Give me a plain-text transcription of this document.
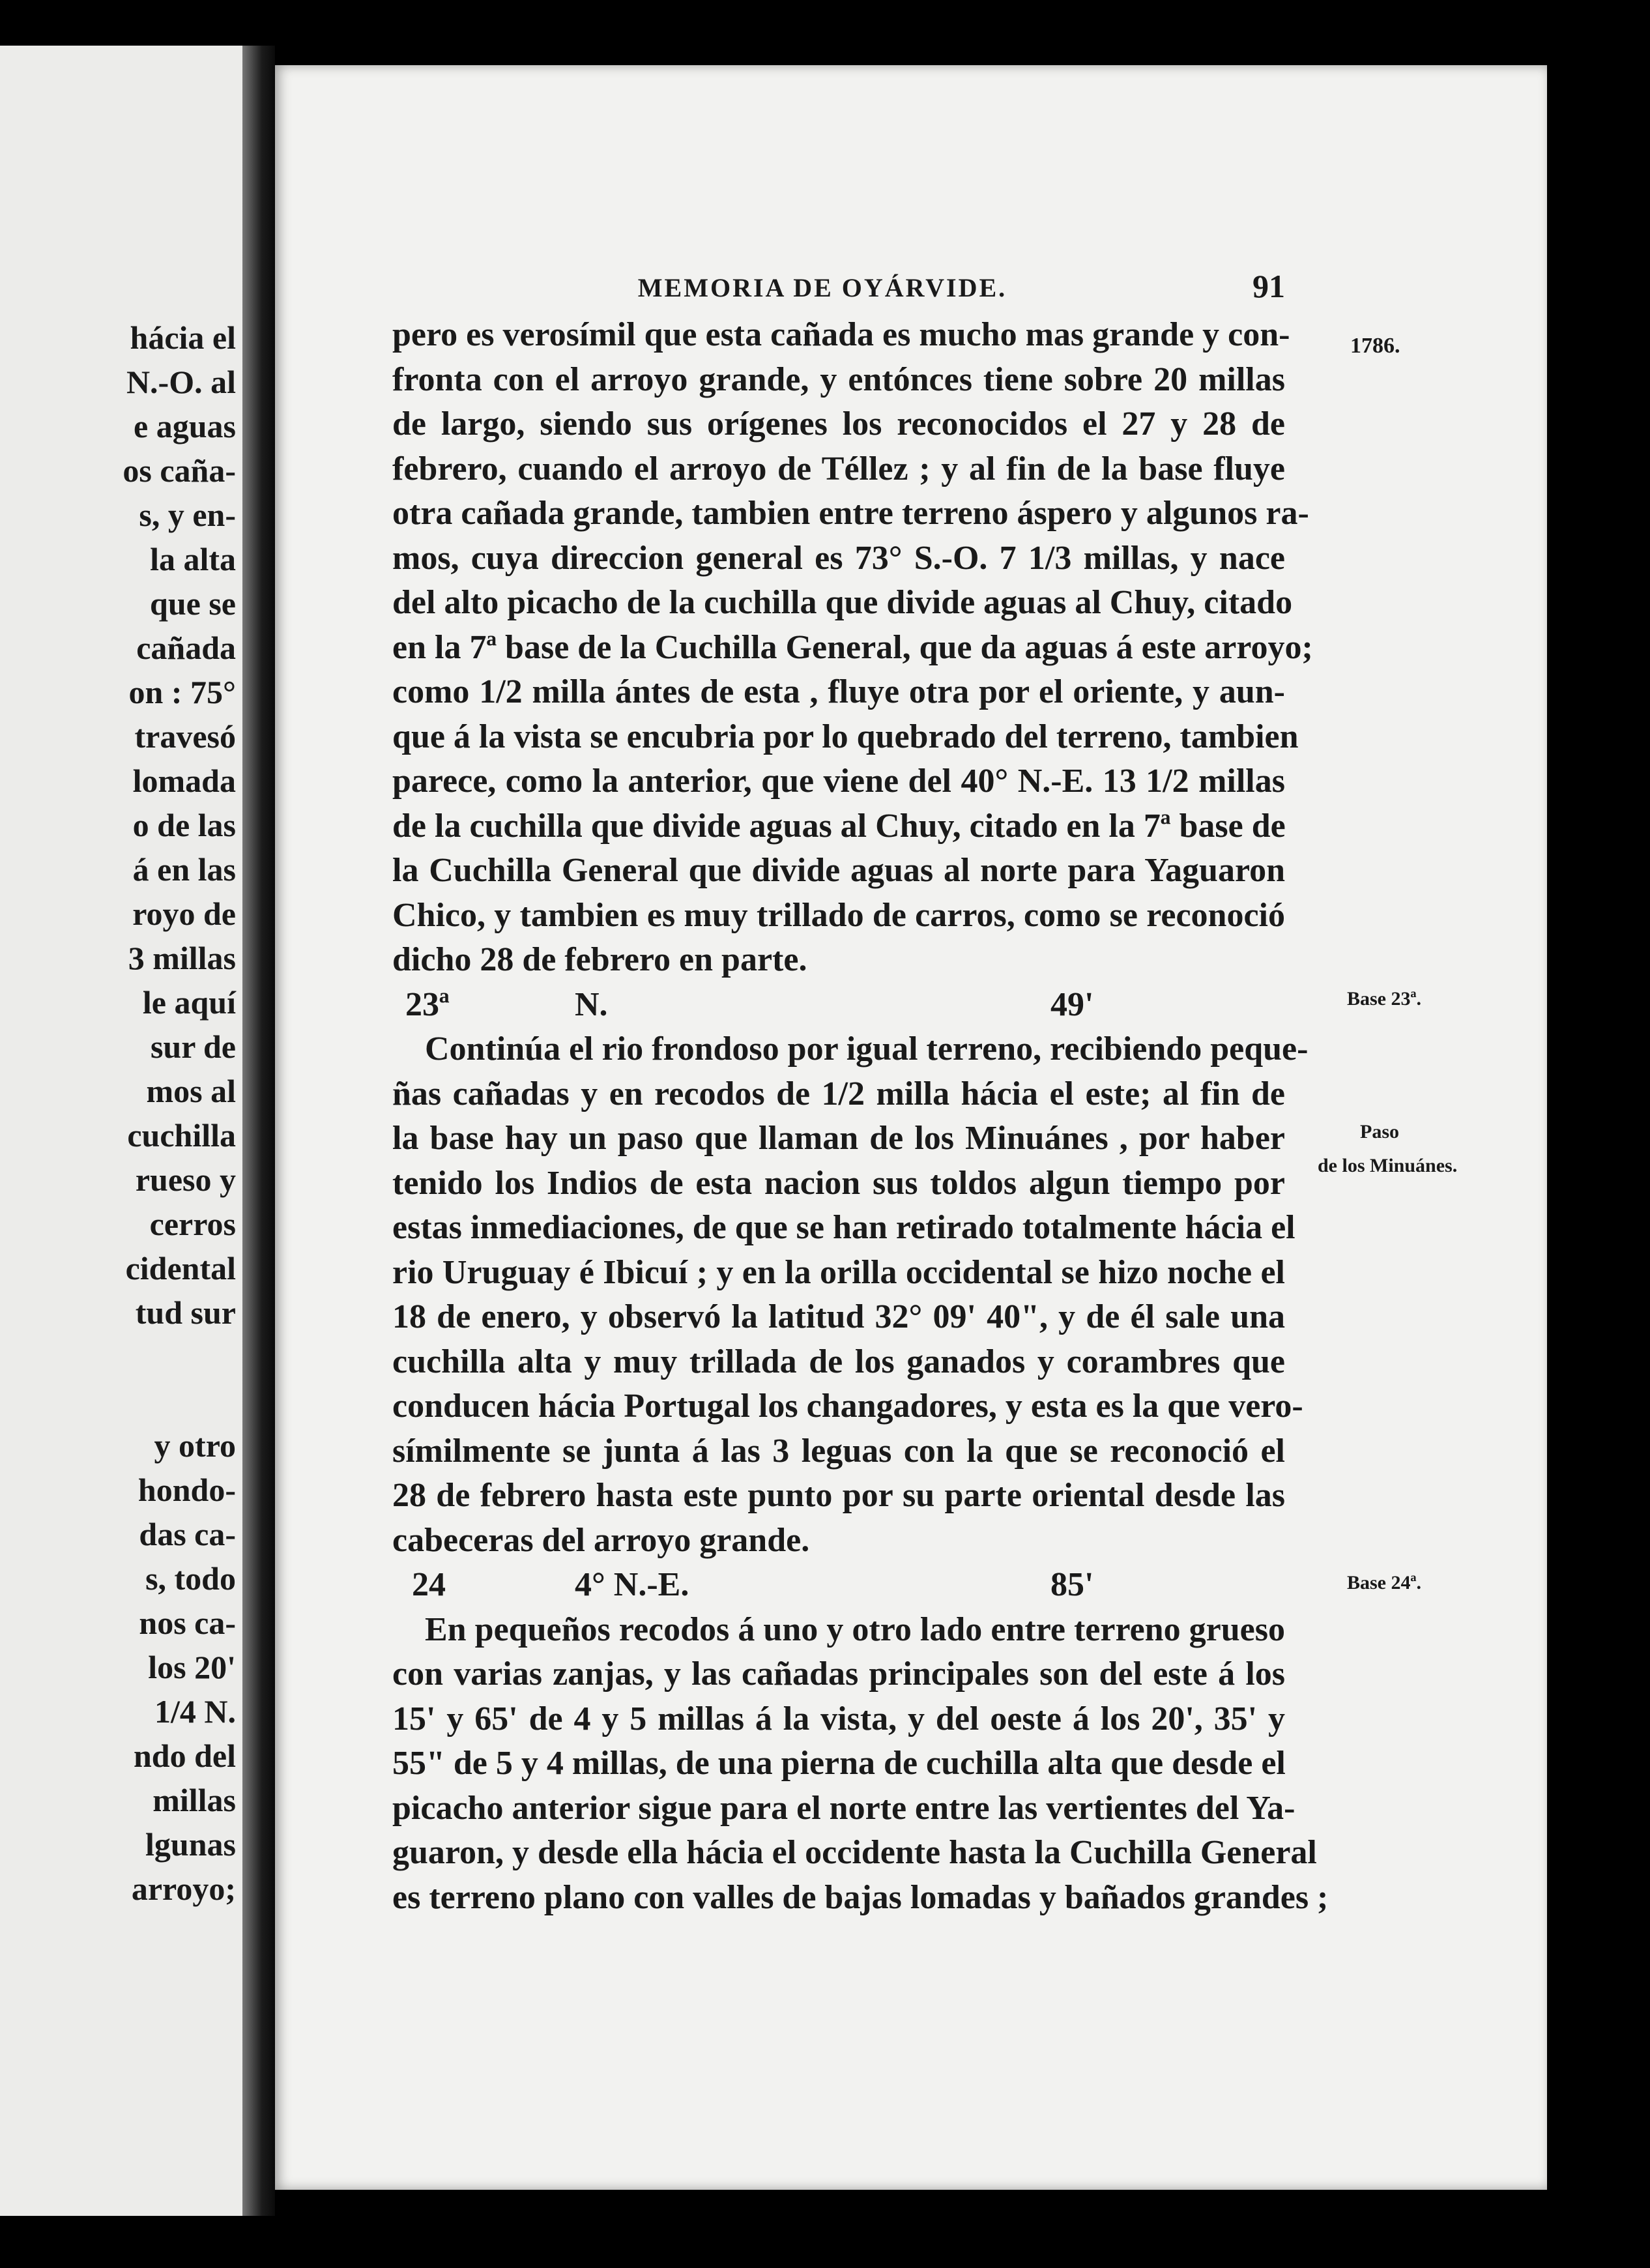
hácia el
N.-O. al
e aguas
os caña-
s, y en-
la alta
que se
cañada
on : 75°
travesó
lomada
o de las
á en las
royo de
3 millas
le aquí
sur de
mos al
cuchilla
rueso y
cerros
cidental
tud sur
y otro
hondo-
das ca-
s, todo
nos ca-
los 20'
1/4 N.
ndo del
millas
lgunas
arroyo;
MEMORIA DE OYÁRVIDE.	91
pero es verosímil que esta cañada es mucho mas grande y con-
fronta con el arroyo grande, y entónces tiene sobre 20 millas
de largo, siendo sus orígenes los reconocidos el 27 y 28 de
febrero, cuando el arroyo de Téllez ; y al fin de la base fluye
otra cañada grande, tambien entre terreno áspero y algunos ra-
mos, cuya direccion general es 73° S.-O. 7 1/3 millas, y nace
del alto picacho de la cuchilla que divide aguas al Chuy, citado
en la 7ª base de la Cuchilla General, que da aguas á este arroyo;
como 1/2 milla ántes de esta , fluye otra por el oriente, y aun-
que á la vista se encubria por lo quebrado del terreno, tambien
parece, como la anterior, que viene del 40° N.-E. 13 1/2 millas
de la cuchilla que divide aguas al Chuy, citado en la 7ª base de
la Cuchilla General que divide aguas al norte para Yaguaron
Chico, y tambien es muy trillado de carros, como se reconoció
dicho 28 de febrero en parte.
23ª	N.	49'
Continúa el rio frondoso por igual terreno, recibiendo peque-
ñas cañadas y en recodos de 1/2 milla hácia el este; al fin de
la base hay un paso que llaman de los Minuánes , por haber
tenido los Indios de esta nacion sus toldos algun tiempo por
estas inmediaciones, de que se han retirado totalmente hácia el
rio Uruguay é Ibicuí ; y en la orilla occidental se hizo noche el
18 de enero, y observó la latitud 32° 09' 40", y de él sale una
cuchilla alta y muy trillada de los ganados y corambres que
conducen hácia Portugal los changadores, y esta es la que vero-
símilmente se junta á las 3 leguas con la que se reconoció el
28 de febrero hasta este punto por su parte oriental desde las
cabeceras del arroyo grande.
24	4° N.-E.	85'
En pequeños recodos á uno y otro lado entre terreno grueso
con varias zanjas, y las cañadas principales son del este á los
15' y 65' de 4 y 5 millas á la vista, y del oeste á los 20', 35' y
55" de 5 y 4 millas, de una pierna de cuchilla alta que desde el
picacho anterior sigue para el norte entre las vertientes del Ya-
guaron, y desde ella hácia el occidente hasta la Cuchilla General
es terreno plano con valles de bajas lomadas y bañados grandes ;
1786.
Base 23ª.
Paso
de los Minuánes.
Base 24ª.
